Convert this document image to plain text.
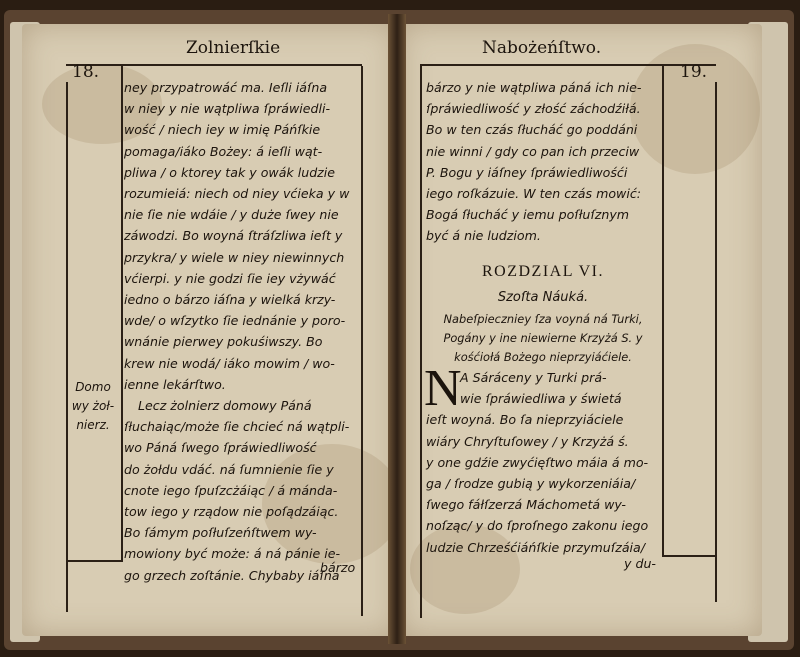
18.
Zolnierſkie
ney przypatrowáć ma. Ieſli iáſna
w niey y nie wątpliwa ſpráwiedli-
wość / niech iey w imię Páńſkie
pomaga/iáko Bożey: á ieſli wąt-
pliwa / o ktorey tak y owák ludzie
rozumieiá: niech od niey vćieka y w
nie ſie nie wdáie / y duże ſwey nie
záwodzi. Bo woyná ſtráſzliwa ieſt y
przykra/ y wiele w niey niewinnych
vćierpi. y nie godzi ſie iey vżywáć
iedno o bárzo iáſna y wielká krzy-
wde/ o wſzytko ſie iednánie y poro-
wnánie pierwey pokuśiwszy. Bo
krew nie wodá/ iáko mowim / wo-
ienne lekárſtwo.
Lecz żolnierz domowy Páná
ſłuchaiąc/może ſie chcieć ná wątpli-
wo Páná ſwego ſpráwiedliwość
do żołdu vdáć. ná ſumnienie ſie y
cnote iego ſpuſzcżáiąc / á mánda-
tow iego y rządow nie poſądzáiąc.
Bo ſámym poſłuſzeńſtwem wy-
mowiony być może: á ná pánie ie-
go grzech zoſtánie. Chybaby iáſna
Domo
wy żoł-
nierz.
bárzo
Nabożeńſtwo.
19.
bárzo y nie wątpliwa páná ich nie-
ſpráwiedliwość y złość záchodźiłá.
Bo w ten czás ſłucháć go poddáni
nie winni / gdy co pan ich przeciw
P. Bogu y iáſney ſpráwiedliwośći
iego roſkázuie. W ten czás mowić:
Bogá ſłucháć y iemu poſłuſznym
być á nie ludziom.
ROZDZIAL VI.
Szoſta Náuká.
Nabeſpieczniey ſza voyná ná Turki,
Pogány y ine niewierne Krzyżá S. y
kośćiołá Bożego nieprzyiáćiele.
N
A Sáráceny y Turki prá-
wie ſpráwiedliwa y świetá
ieſt woyná. Bo ſa nieprzyiáciele
wiáry Chryſtuſowey / y Krzyżá ś.
y one gdźie zwyćięſtwo máia á mo-
ga / ſrodze gubią y wykorzeniáia/
ſwego fáłſzerzá Máchometá wy-
noſząc/ y do ſproſnego zakonu iego
ludzie Chrześćiáńſkie przymuſzáia/
y du-
